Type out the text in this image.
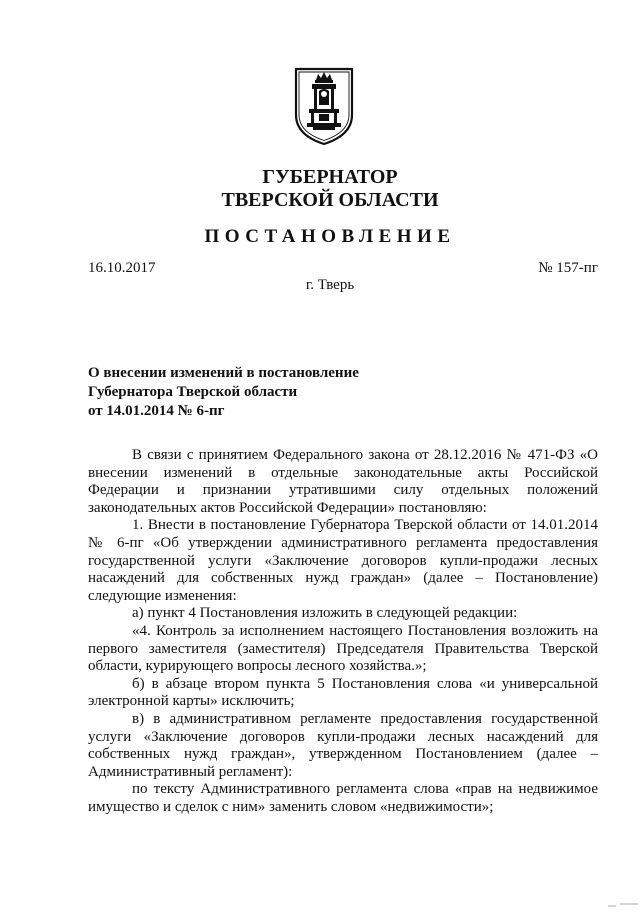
ГУБЕРНАТОР
ТВЕРСКОЙ ОБЛАСТИ
ПОСТАНОВЛЕНИЕ
16.10.2017	№ 157-пг
г. Тверь
О внесении изменений в постановление
Губернатора Тверской области
от 14.01.2014 № 6-пг

В связи с принятием Федерального закона от 28.12.2016 № 471-ФЗ «О внесении изменений в отдельные законодательные акты Российской Федерации и признании утратившими силу отдельных положений законодательных актов Российской Федерации» постановляю:

1. Внести в постановление Губернатора Тверской области от 14.01.2014 № 6-пг «Об утверждении административного регламента предоставления государственной услуги «Заключение договоров купли-продажи лесных насаждений для собственных нужд граждан» (далее – Постановление) следующие изменения:

а) пункт 4 Постановления изложить в следующей редакции:

«4. Контроль за исполнением настоящего Постановления возложить на первого заместителя (заместителя) Председателя Правительства Тверской области, курирующего вопросы лесного хозяйства.»;

б) в абзаце втором пункта 5 Постановления слова «и универсальной электронной карты» исключить;

в) в административном регламенте предоставления государственной услуги «Заключение договоров купли-продажи лесных насаждений для собственных нужд граждан», утвержденном Постановлением (далее – Административный регламент):

по тексту Административного регламента слова «прав на недвижимое имущество и сделок с ним» заменить словом «недвижимости»;
